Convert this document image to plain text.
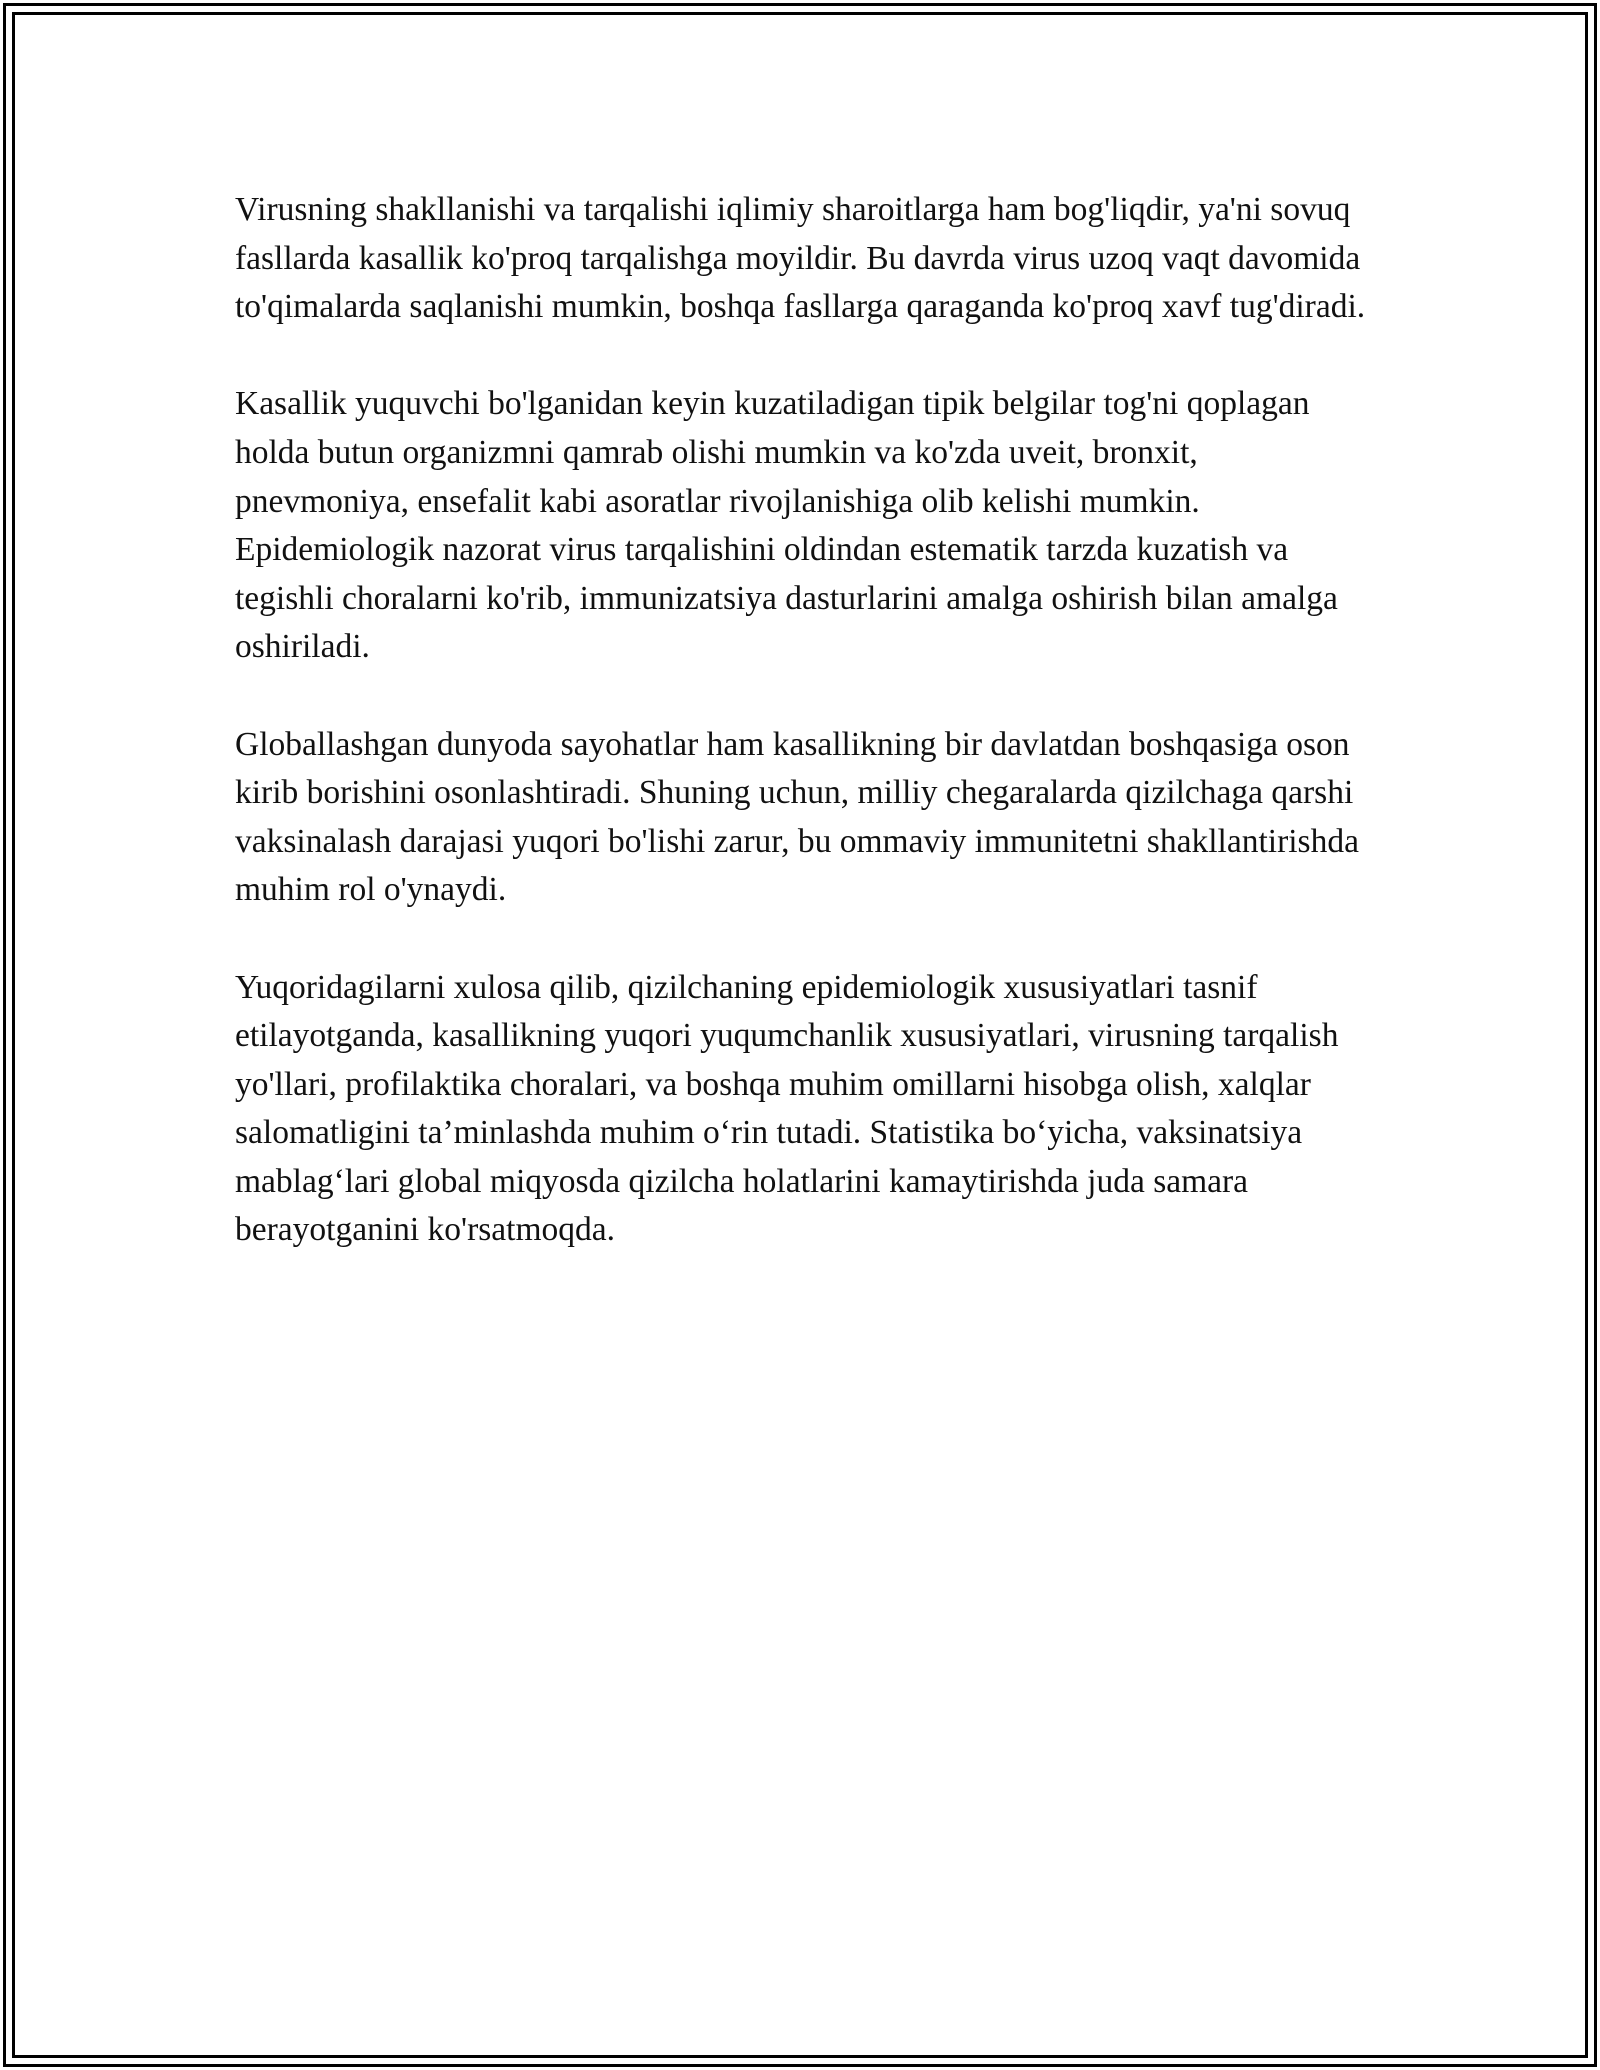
Virusning shakllanishi va tarqalishi iqlimiy sharoitlarga ham bog'liqdir, ya'ni sovuq fasllarda kasallik ko'proq tarqalishga moyildir. Bu davrda virus uzoq vaqt davomida to'qimalarda saqlanishi mumkin, boshqa fasllarga qaraganda ko'proq xavf tug'diradi.

Kasallik yuquvchi bo'lganidan keyin kuzatiladigan tipik belgilar tog'ni qoplagan holda butun organizmni qamrab olishi mumkin va ko'zda uveit, bronxit, pnevmoniya, ensefalit kabi asoratlar rivojlanishiga olib kelishi mumkin. Epidemiologik nazorat virus tarqalishini oldindan estematik tarzda kuzatish va tegishli choralarni ko'rib, immunizatsiya dasturlarini amalga oshirish bilan amalga oshiriladi.

Globallashgan dunyoda sayohatlar ham kasallikning bir davlatdan boshqasiga oson kirib borishini osonlashtiradi. Shuning uchun, milliy chegaralarda qizilchaga qarshi vaksinalash darajasi yuqori bo'lishi zarur, bu ommaviy immunitetni shakllantirishda muhim rol o'ynaydi.

Yuqoridagilarni xulosa qilib, qizilchaning epidemiologik xususiyatlari tasnif etilayotganda, kasallikning yuqori yuqumchanlik xususiyatlari, virusning tarqalish yo'llari, profilaktika choralari, va boshqa muhim omillarni hisobga olish, xalqlar salomatligini ta’minlashda muhim o‘rin tutadi. Statistika bo‘yicha, vaksinatsiya mablag‘lari global miqyosda qizilcha holatlarini kamaytirishda juda samara berayotganini ko'rsatmoqda.
